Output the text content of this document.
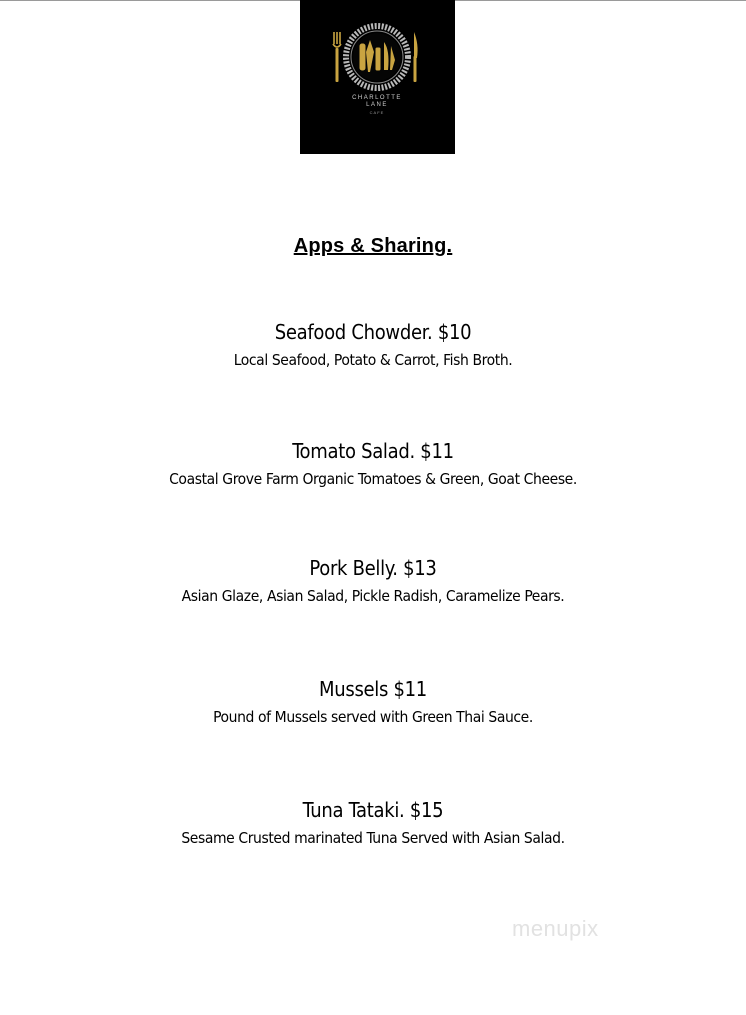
CHARLOTTE
LANE
CAFE
Apps & Sharing.
Seafood Chowder. $10
Local Seafood, Potato & Carrot, Fish Broth.
Tomato Salad. $11
Coastal Grove Farm Organic Tomatoes & Green, Goat Cheese.
Pork Belly. $13
Asian Glaze, Asian Salad, Pickle Radish, Caramelize Pears.
Mussels $11
Pound of Mussels served with Green Thai Sauce.
Tuna Tataki. $15
Sesame Crusted marinated Tuna Served with Asian Salad.
menupix
